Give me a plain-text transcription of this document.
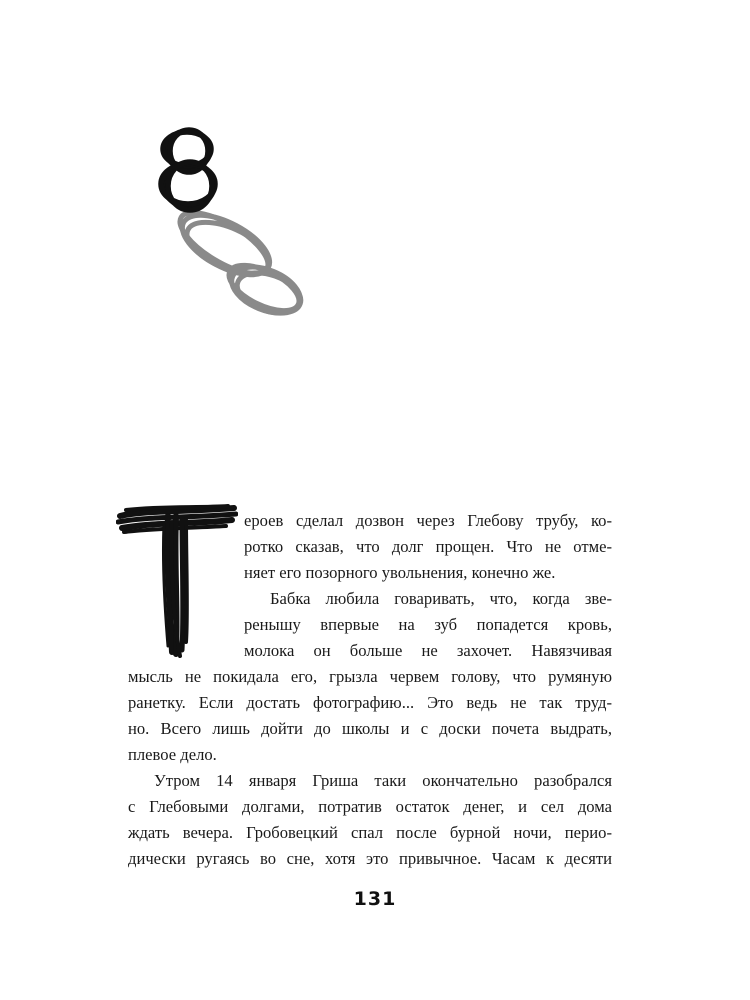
ероев сделал дозвон через Глебову трубу, ко-
ротко сказав, что долг прощен. Что не отме-
няет его позорного увольнения, конечно же.
Бабка любила говаривать, что, когда зве-
ренышу впервые на зуб попадется кровь,
молока он больше не захочет. Навязчивая
мысль не покидала его, грызла червем голову, что румяную
ранетку. Если достать фотографию... Это ведь не так труд-
но. Всего лишь дойти до школы и с доски почета выдрать,
плевое дело.
Утром 14 января Гриша таки окончательно разобрался
с Глебовыми долгами, потратив остаток денег, и сел дома
ждать вечера. Гробовецкий спал после бурной ночи, перио-
дически ругаясь во сне, хотя это привычное. Часам к десяти
131
